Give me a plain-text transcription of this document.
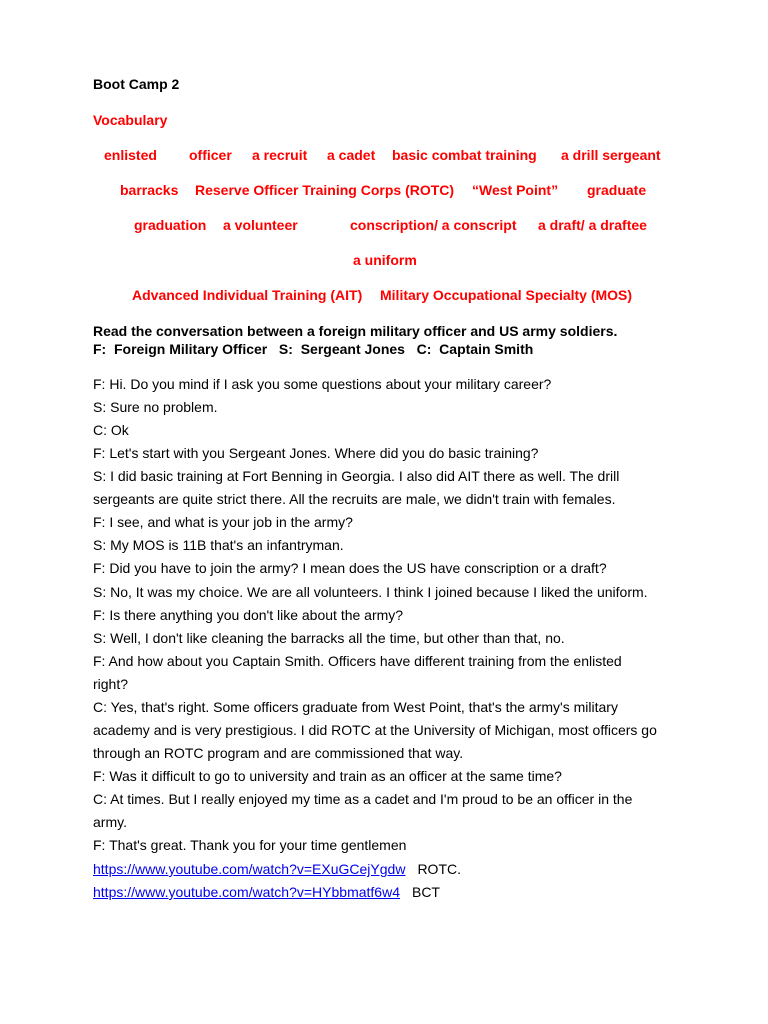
Boot Camp 2
Vocabulary
enlisted officer a recruit a cadet basic combat training a drill sergeant
barracks Reserve Officer Training Corps (ROTC) “West Point” graduate
graduation a volunteer	conscription/ a conscript a draft/ a draftee
a uniform
Advanced Individual Training (AIT) Military Occupational Specialty (MOS)
Read the conversation between a foreign military officer and US army soldiers.
F:  Foreign Military Officer   S:  Sergeant Jones   C:  Captain Smith
F: Hi. Do you mind if I ask you some questions about your military career?
S: Sure no problem.
C: Ok
F: Let's start with you Sergeant Jones. Where did you do basic training?
S: I did basic training at Fort Benning in Georgia. I also did AIT there as well. The drill
sergeants are quite strict there. All the recruits are male, we didn't train with females.
F: I see, and what is your job in the army?
S: My MOS is 11B that's an infantryman.
F: Did you have to join the army? I mean does the US have conscription or a draft?
S: No, It was my choice. We are all volunteers. I think I joined because I liked the uniform.
F: Is there anything you don't like about the army?
S: Well, I don't like cleaning the barracks all the time, but other than that, no.
F: And how about you Captain Smith. Officers have different training from the enlisted
right?
C: Yes, that's right. Some officers graduate from West Point, that's the army's military
academy and is very prestigious. I did ROTC at the University of Michigan, most officers go
through an ROTC program and are commissioned that way.
F: Was it difficult to go to university and train as an officer at the same time?
C: At times. But I really enjoyed my time as a cadet and I'm proud to be an officer in the
army.
F: That's great. Thank you for your time gentlemen
https://www.youtube.com/watch?v=EXuGCejYgdw ROTC.
https://www.youtube.com/watch?v=HYbbmatf6w4 BCT
